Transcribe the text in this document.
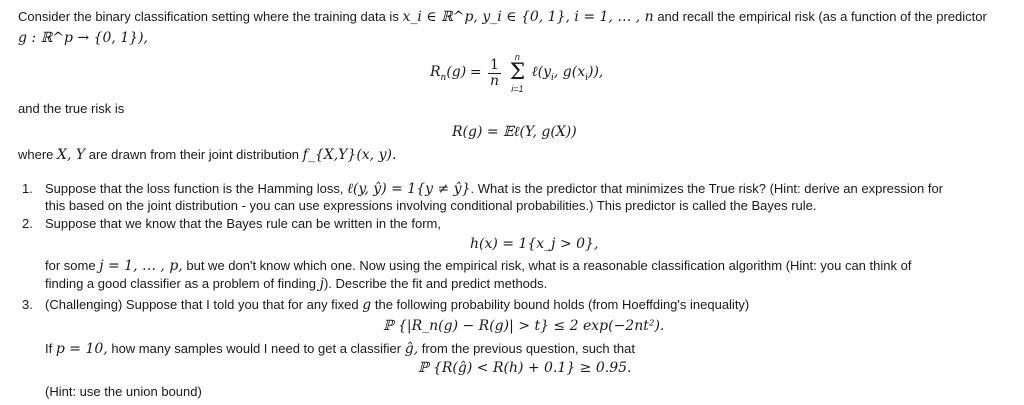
Consider the binary classification setting where the training data is x_i ∈ ℝ^p, y_i ∈ {0, 1}, i = 1, … , n and recall the empirical risk (as a function of the predictor
g : ℝ^p → {0, 1}),
$R_n(g) = \frac{1}{n}$

n
Σ
i=1
$\ell(y_i$, $g(x_i)$),
and the true risk is
R(g) = 𝔼ℓ(Y, g(X))
where X, Y are drawn from their joint distribution f_{X,Y}(x, y).
1. Suppose that the loss function is the Hamming loss, ℓ(y, ŷ) = 1{y ≠ ŷ}. What is the predictor that minimizes the True risk? (Hint: derive an expression for
this based on the joint distribution - you can use expressions involving conditional probabilities.) This predictor is called the Bayes rule.
2. Suppose that we know that the Bayes rule can be written in the form,
h(x) = 1{x_j > 0},
for some j = 1, … , p, but we don't know which one. Now using the empirical risk, what is a reasonable classification algorithm (Hint: you can think of
finding a good classifier as a problem of finding j). Describe the fit and predict methods.
3. (Challenging) Suppose that I told you that for any fixed g the following probability bound holds (from Hoeffding's inequality)
ℙ {|R_n(g) − R(g)| > t} ≤ 2 exp(−2nt²).
If p = 10, how many samples would I need to get a classifier ĝ, from the previous question, such that
ℙ {R(ĝ) < R(h) + 0.1} ≥ 0.95.
(Hint: use the union bound)
